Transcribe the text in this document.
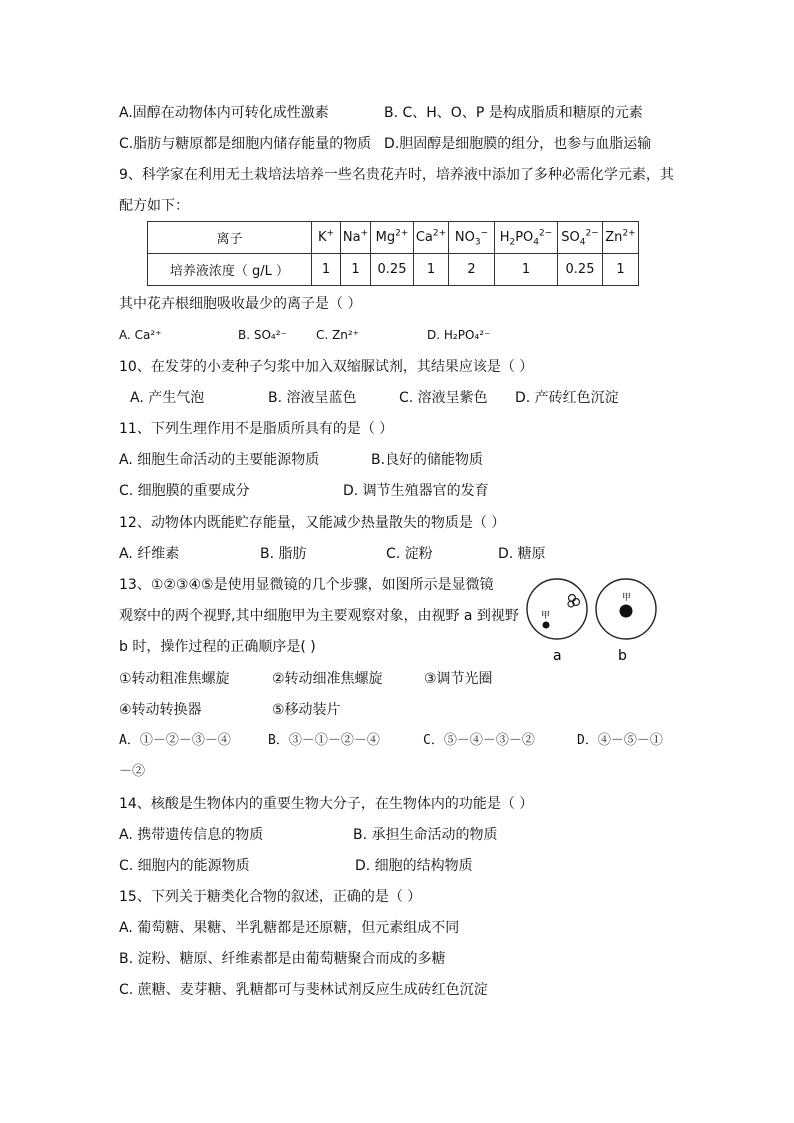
A.固醇在动物体内可转化成性激素	B. C、H、O、P 是构成脂质和糖原的元素
C.脂肪与糖原都是细胞内储存能量的物质 D.胆固醇是细胞膜的组分，也参与血脂运输
9、科学家在利用无土栽培法培养一些名贵花卉时，培养液中添加了多种必需化学元素，其
配方如下：
离子	K+	Na+	$Mg^{2+}$	$Ca^{2+}$	$NO_3^-$	$H_2PO_4^{2-}$	$SO_4^{2-}$	$Zn^{2+}$
培养液浓度（ g/L ）	1	1	0.25	1	2	1	0.25	1
其中花卉根细胞吸收最少的离子是（ ）
A. Ca²⁺	B. SO₄²⁻ C. Zn²⁺	D. H₂PO₄²⁻
10、在发芽的小麦种子匀浆中加入双缩脲试剂，其结果应该是（ ）
A. 产生气泡	B. 溶液呈蓝色	C. 溶液呈紫色 D. 产砖红色沉淀
11、下列生理作用不是脂质所具有的是（ ）
A. 细胞生命活动的主要能源物质	B.良好的储能物质
C. 细胞膜的重要成分	D. 调节生殖器官的发育
12、动物体内既能贮存能量，又能减少热量散失的物质是（ ）
A. 纤维素	B. 脂肪	C. 淀粉	D. 糖原
13、①②③④⑤是使用显微镜的几个步骤，如图所示是显微镜
观察中的两个视野,其中细胞甲为主要观察对象，由视野 a 到视野
b 时，操作过程的正确顺序是( )
甲
甲
a	b
①转动粗准焦螺旋	②转动细准焦螺旋	③调节光圈
④转动转换器	⑤移动装片
A．①－②－③－④	B．③－①－②－④	C．⑤－④－③－②	D．④－⑤－①
－②
14、核酸是生物体内的重要生物大分子，在生物体内的功能是（ ）
A. 携带遗传信息的物质	B. 承担生命活动的物质
C. 细胞内的能源物质	D. 细胞的结构物质
15、下列关于糖类化合物的叙述，正确的是（ ）
A. 葡萄糖、果糖、半乳糖都是还原糖，但元素组成不同
B. 淀粉、糖原、纤维素都是由葡萄糖聚合而成的多糖
C. 蔗糖、麦芽糖、乳糖都可与斐林试剂反应生成砖红色沉淀
